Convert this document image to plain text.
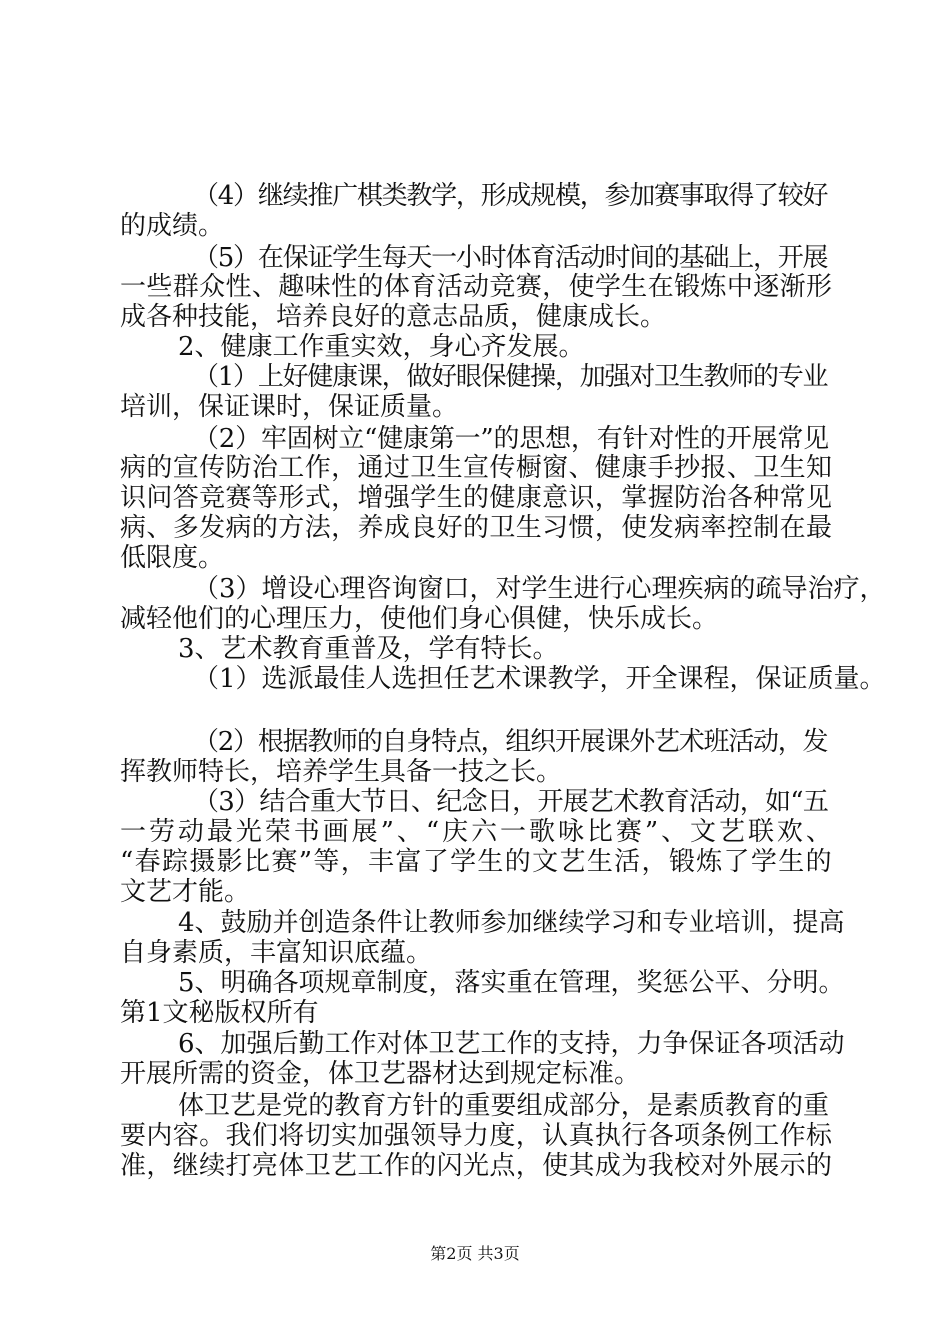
（4）继续推广棋类教学，形成规模，参加赛事取得了较好
的成绩。
（5）在保证学生每天一小时体育活动时间的基础上，开展
一些群众性、趣味性的体育活动竞赛，使学生在锻炼中逐渐形
成各种技能，培养良好的意志品质，健康成长。
2、健康工作重实效，身心齐发展。
（1）上好健康课，做好眼保健操，加强对卫生教师的专业
培训，保证课时，保证质量。
（2）牢固树立“健康第一”的思想，有针对性的开展常见
病的宣传防治工作，通过卫生宣传橱窗、健康手抄报、卫生知
识问答竞赛等形式，增强学生的健康意识，掌握防治各种常见
病、多发病的方法，养成良好的卫生习惯，使发病率控制在最
低限度。
（3）增设心理咨询窗口，对学生进行心理疾病的疏导治疗，
减轻他们的心理压力，使他们身心俱健，快乐成长。
3、艺术教育重普及，学有特长。
（1）选派最佳人选担任艺术课教学，开全课程，保证质量。
（2）根据教师的自身特点，组织开展课外艺术班活动，发
挥教师特长，培养学生具备一技之长。
（3）结合重大节日、纪念日，开展艺术教育活动，如“五
一劳动最光荣书画展”、“庆六一歌咏比赛”、文艺联欢、
“春踪摄影比赛”等，丰富了学生的文艺生活，锻炼了学生的
文艺才能。
4、鼓励并创造条件让教师参加继续学习和专业培训，提高
自身素质，丰富知识底蕴。
5、明确各项规章制度，落实重在管理，奖惩公平、分明。
第1文秘版权所有
6、加强后勤工作对体卫艺工作的支持，力争保证各项活动
开展所需的资金，体卫艺器材达到规定标准。
体卫艺是党的教育方针的重要组成部分，是素质教育的重
要内容。我们将切实加强领导力度，认真执行各项条例工作标
准，继续打亮体卫艺工作的闪光点，使其成为我校对外展示的
第2页 共3页
